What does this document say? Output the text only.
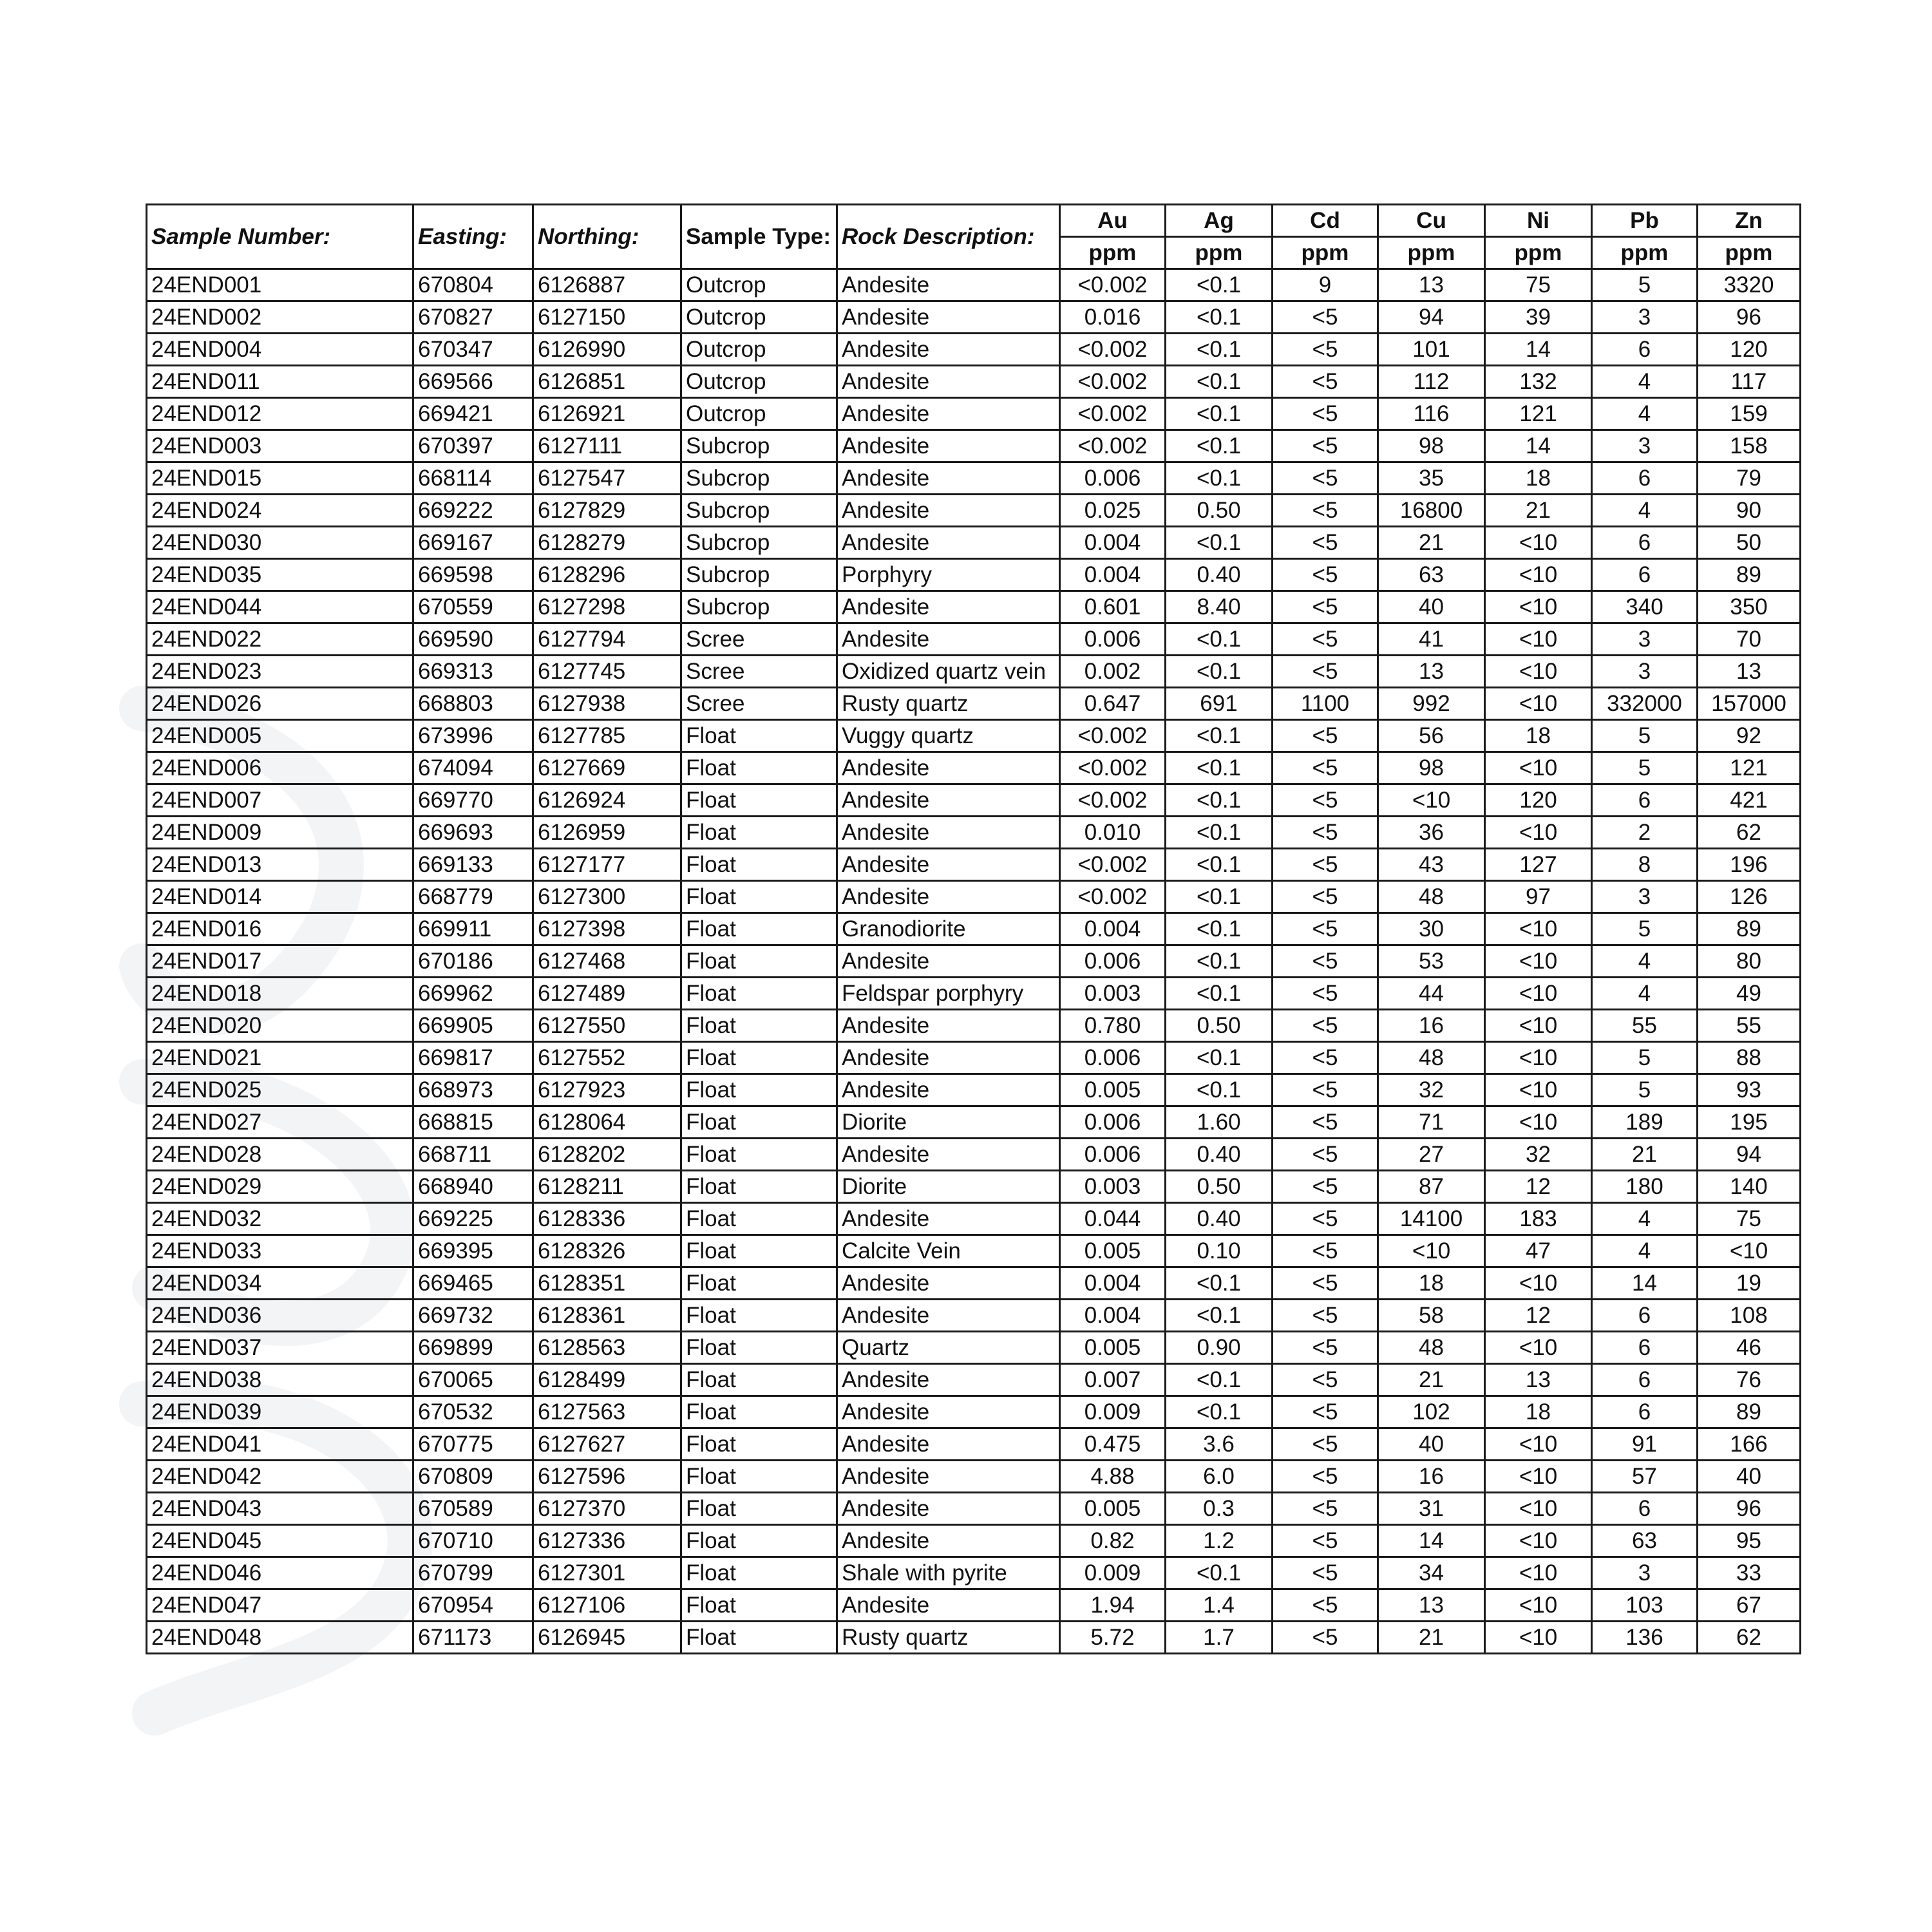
Sample Number:	Easting:	Northing:	Sample Type:	Rock Description:	Au	Ag	Cd	Cu	Ni	Pb	Zn
					ppm	ppm	ppm	ppm	ppm	ppm	ppm
24END001	670804	6126887	Outcrop	Andesite	<0.002	<0.1	9	13	75	5	3320
24END002	670827	6127150	Outcrop	Andesite	0.016	<0.1	<5	94	39	3	96
24END004	670347	6126990	Outcrop	Andesite	<0.002	<0.1	<5	101	14	6	120
24END011	669566	6126851	Outcrop	Andesite	<0.002	<0.1	<5	112	132	4	117
24END012	669421	6126921	Outcrop	Andesite	<0.002	<0.1	<5	116	121	4	159
24END003	670397	6127111	Subcrop	Andesite	<0.002	<0.1	<5	98	14	3	158
24END015	668114	6127547	Subcrop	Andesite	0.006	<0.1	<5	35	18	6	79
24END024	669222	6127829	Subcrop	Andesite	0.025	0.50	<5	16800	21	4	90
24END030	669167	6128279	Subcrop	Andesite	0.004	<0.1	<5	21	<10	6	50
24END035	669598	6128296	Subcrop	Porphyry	0.004	0.40	<5	63	<10	6	89
24END044	670559	6127298	Subcrop	Andesite	0.601	8.40	<5	40	<10	340	350
24END022	669590	6127794	Scree	Andesite	0.006	<0.1	<5	41	<10	3	70
24END023	669313	6127745	Scree	Oxidized quartz vein	0.002	<0.1	<5	13	<10	3	13
24END026	668803	6127938	Scree	Rusty quartz	0.647	691	1100	992	<10	332000	157000
24END005	673996	6127785	Float	Vuggy quartz	<0.002	<0.1	<5	56	18	5	92
24END006	674094	6127669	Float	Andesite	<0.002	<0.1	<5	98	<10	5	121
24END007	669770	6126924	Float	Andesite	<0.002	<0.1	<5	<10	120	6	421
24END009	669693	6126959	Float	Andesite	0.010	<0.1	<5	36	<10	2	62
24END013	669133	6127177	Float	Andesite	<0.002	<0.1	<5	43	127	8	196
24END014	668779	6127300	Float	Andesite	<0.002	<0.1	<5	48	97	3	126
24END016	669911	6127398	Float	Granodiorite	0.004	<0.1	<5	30	<10	5	89
24END017	670186	6127468	Float	Andesite	0.006	<0.1	<5	53	<10	4	80
24END018	669962	6127489	Float	Feldspar porphyry	0.003	<0.1	<5	44	<10	4	49
24END020	669905	6127550	Float	Andesite	0.780	0.50	<5	16	<10	55	55
24END021	669817	6127552	Float	Andesite	0.006	<0.1	<5	48	<10	5	88
24END025	668973	6127923	Float	Andesite	0.005	<0.1	<5	32	<10	5	93
24END027	668815	6128064	Float	Diorite	0.006	1.60	<5	71	<10	189	195
24END028	668711	6128202	Float	Andesite	0.006	0.40	<5	27	32	21	94
24END029	668940	6128211	Float	Diorite	0.003	0.50	<5	87	12	180	140
24END032	669225	6128336	Float	Andesite	0.044	0.40	<5	14100	183	4	75
24END033	669395	6128326	Float	Calcite Vein	0.005	0.10	<5	<10	47	4	<10
24END034	669465	6128351	Float	Andesite	0.004	<0.1	<5	18	<10	14	19
24END036	669732	6128361	Float	Andesite	0.004	<0.1	<5	58	12	6	108
24END037	669899	6128563	Float	Quartz	0.005	0.90	<5	48	<10	6	46
24END038	670065	6128499	Float	Andesite	0.007	<0.1	<5	21	13	6	76
24END039	670532	6127563	Float	Andesite	0.009	<0.1	<5	102	18	6	89
24END041	670775	6127627	Float	Andesite	0.475	3.6	<5	40	<10	91	166
24END042	670809	6127596	Float	Andesite	4.88	6.0	<5	16	<10	57	40
24END043	670589	6127370	Float	Andesite	0.005	0.3	<5	31	<10	6	96
24END045	670710	6127336	Float	Andesite	0.82	1.2	<5	14	<10	63	95
24END046	670799	6127301	Float	Shale with pyrite	0.009	<0.1	<5	34	<10	3	33
24END047	670954	6127106	Float	Andesite	1.94	1.4	<5	13	<10	103	67
24END048	671173	6126945	Float	Rusty quartz	5.72	1.7	<5	21	<10	136	62
